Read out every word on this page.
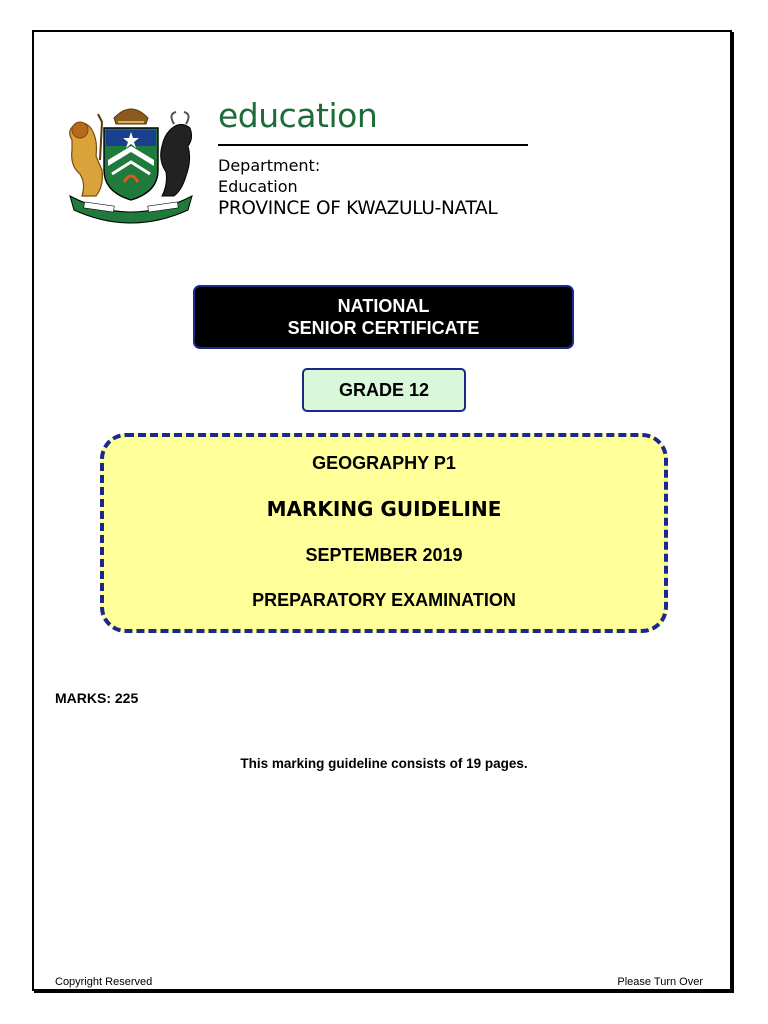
education
Department:
Education
PROVINCE OF KWAZULU-NATAL
NATIONAL
SENIOR CERTIFICATE
GRADE 12
GEOGRAPHY P1
MARKING GUIDELINE
SEPTEMBER 2019
PREPARATORY EXAMINATION
MARKS: 225
This marking guideline consists of 19 pages.
Copyright Reserved	Please Turn Over
